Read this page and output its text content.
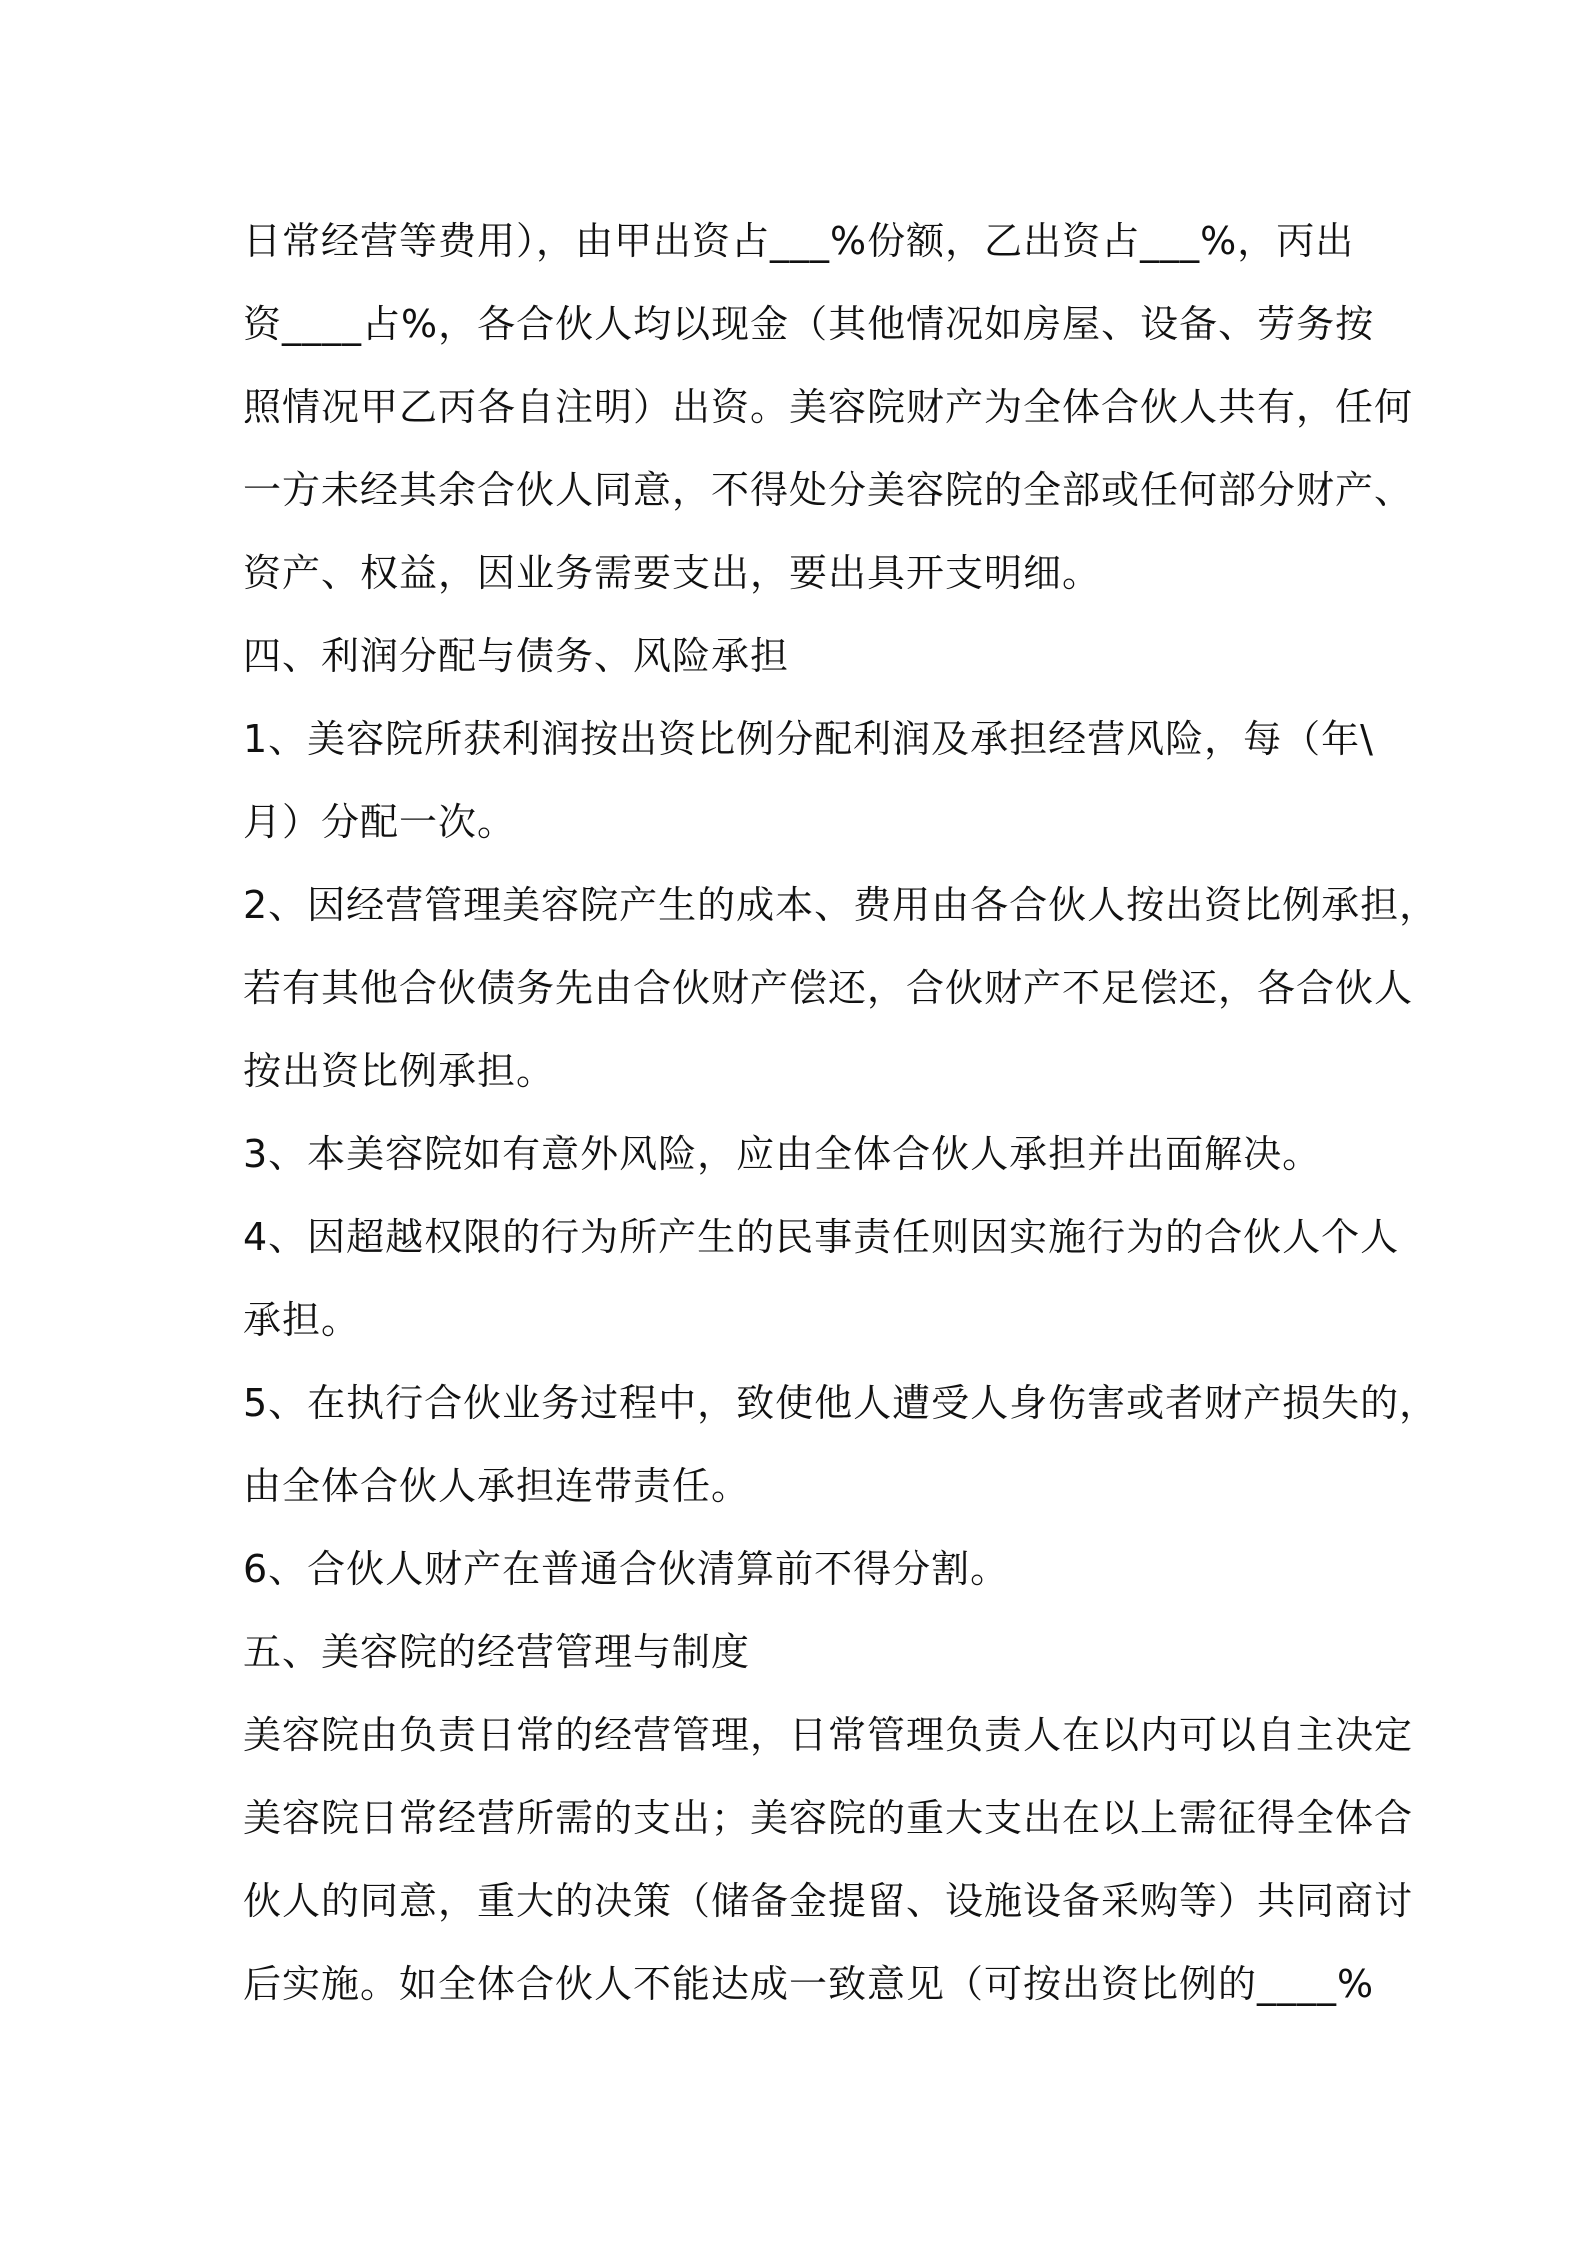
日常经营等费用），由甲出资占___%份额，乙出资占___%，丙出
资____占%，各合伙人均以现金（其他情况如房屋、设备、劳务按
照情况甲乙丙各自注明）出资。美容院财产为全体合伙人共有，任何
一方未经其余合伙人同意，不得处分美容院的全部或任何部分财产、
资产、权益，因业务需要支出，要出具开支明细。
四、利润分配与债务、风险承担
1、美容院所获利润按出资比例分配利润及承担经营风险，每（年\
月）分配一次。
2、因经营管理美容院产生的成本、费用由各合伙人按出资比例承担，
若有其他合伙债务先由合伙财产偿还，合伙财产不足偿还，各合伙人
按出资比例承担。
3、本美容院如有意外风险，应由全体合伙人承担并出面解决。
4、因超越权限的行为所产生的民事责任则因实施行为的合伙人个人
承担。
5、在执行合伙业务过程中，致使他人遭受人身伤害或者财产损失的，
由全体合伙人承担连带责任。
6、合伙人财产在普通合伙清算前不得分割。
五、美容院的经营管理与制度
美容院由负责日常的经营管理，日常管理负责人在以内可以自主决定
美容院日常经营所需的支出；美容院的重大支出在以上需征得全体合
伙人的同意，重大的决策（储备金提留、设施设备采购等）共同商讨
后实施。如全体合伙人不能达成一致意见（可按出资比例的____%
